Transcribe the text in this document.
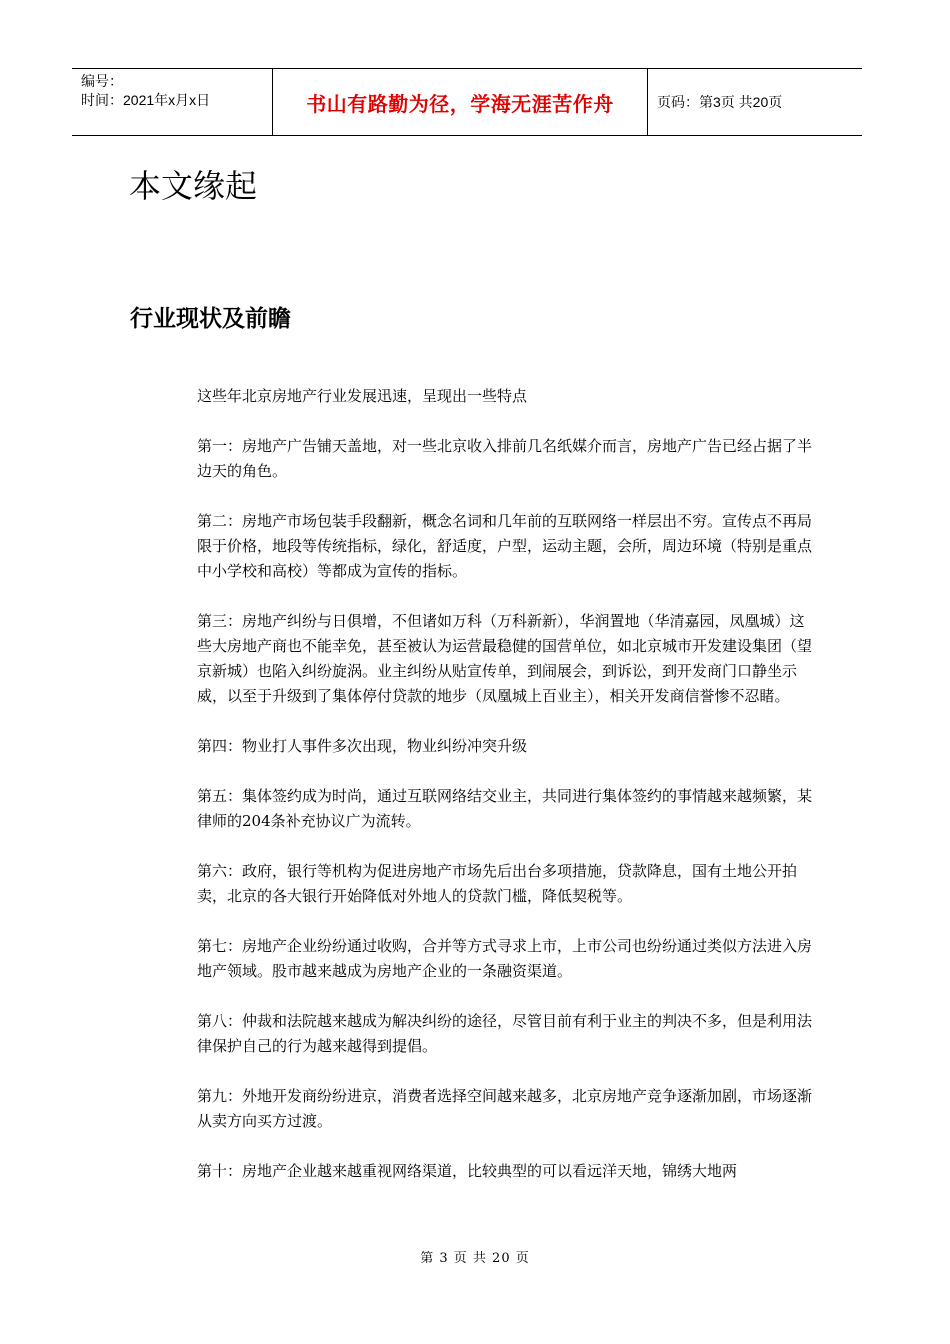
编号：
时间：2021年x月x日	书山有路勤为径，学海无涯苦作舟	页码：第3页 共20页
本文缘起
行业现状及前瞻

这些年北京房地产行业发展迅速，呈现出一些特点

第一：房地产广告铺天盖地，对一些北京收入排前几名纸媒介而言，房地产广告已经占据了半边天的角色。

第二：房地产市场包装手段翻新，概念名词和几年前的互联网络一样层出不穷。宣传点不再局限于价格，地段等传统指标，绿化，舒适度，户型，运动主题，会所，周边环境（特别是重点中小学校和高校）等都成为宣传的指标。

第三：房地产纠纷与日俱增，不但诸如万科（万科新新），华润置地（华清嘉园，凤凰城）这些大房地产商也不能幸免，甚至被认为运营最稳健的国营单位，如北京城市开发建设集团（望京新城）也陷入纠纷旋涡。业主纠纷从贴宣传单，到闹展会，到诉讼，到开发商门口静坐示威，以至于升级到了集体停付贷款的地步（凤凰城上百业主），相关开发商信誉惨不忍睹。

第四：物业打人事件多次出现，物业纠纷冲突升级

第五：集体签约成为时尚，通过互联网络结交业主，共同进行集体签约的事情越来越频繁，某律师的204条补充协议广为流转。

第六：政府，银行等机构为促进房地产市场先后出台多项措施，贷款降息，国有土地公开拍卖，北京的各大银行开始降低对外地人的贷款门槛，降低契税等。

第七：房地产企业纷纷通过收购，合并等方式寻求上市，上市公司也纷纷通过类似方法进入房地产领域。股市越来越成为房地产企业的一条融资渠道。

第八：仲裁和法院越来越成为解决纠纷的途径，尽管目前有利于业主的判决不多，但是利用法律保护自己的行为越来越得到提倡。

第九：外地开发商纷纷进京，消费者选择空间越来越多，北京房地产竞争逐渐加剧，市场逐渐从卖方向买方过渡。

第十：房地产企业越来越重视网络渠道，比较典型的可以看远洋天地，锦绣大地两

第 3 页 共 20 页
